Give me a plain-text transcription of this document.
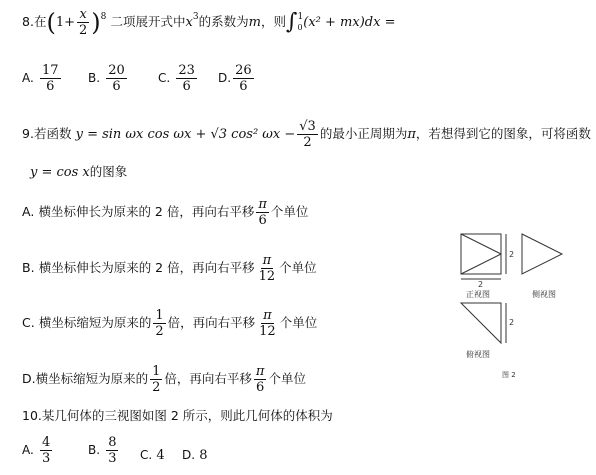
8.在$(1+ \frac{x}{2} )^8$ 二项展开式中$x^3$的系数为m，则$\int_0^1(x^2 + mx)dx$ =
A. $\frac{17}{6} B$. $\frac{20}{6}$	C. $\frac{23}{6} D$. $\frac{26}{6}$
9.若函数 y = sin ωx cos ωx + √3 cos² $\omega x - \frac{√3}{2}$ 的最小正周期为π，若想得到它的图象，可将函数
y = cos x的图象
A. 横坐标伸长为原来的 2 倍，再向右平移 $\frac{\pi}{6}$ 个单位
B. 横坐标伸长为原来的 2 倍，再向右平移 $\frac{\pi}{12}$ 个单位
C. 横坐标缩短为原来的 $\frac{1}{2}$ 倍，再向右平移 $\frac{\pi}{12}$ 个单位
D.横坐标缩短为原来的 $\frac{1}{2}$ 倍，再向右平移 $\frac{\pi}{6}$ 个单位
10.某几何体的三视图如图 2 所示，则此几何体的体积为
A. $\frac{4}{3}$	B. $\frac{8}{3} C$. 4 D. 8
2
2
正视图	侧视图
2
俯视图
图 2
